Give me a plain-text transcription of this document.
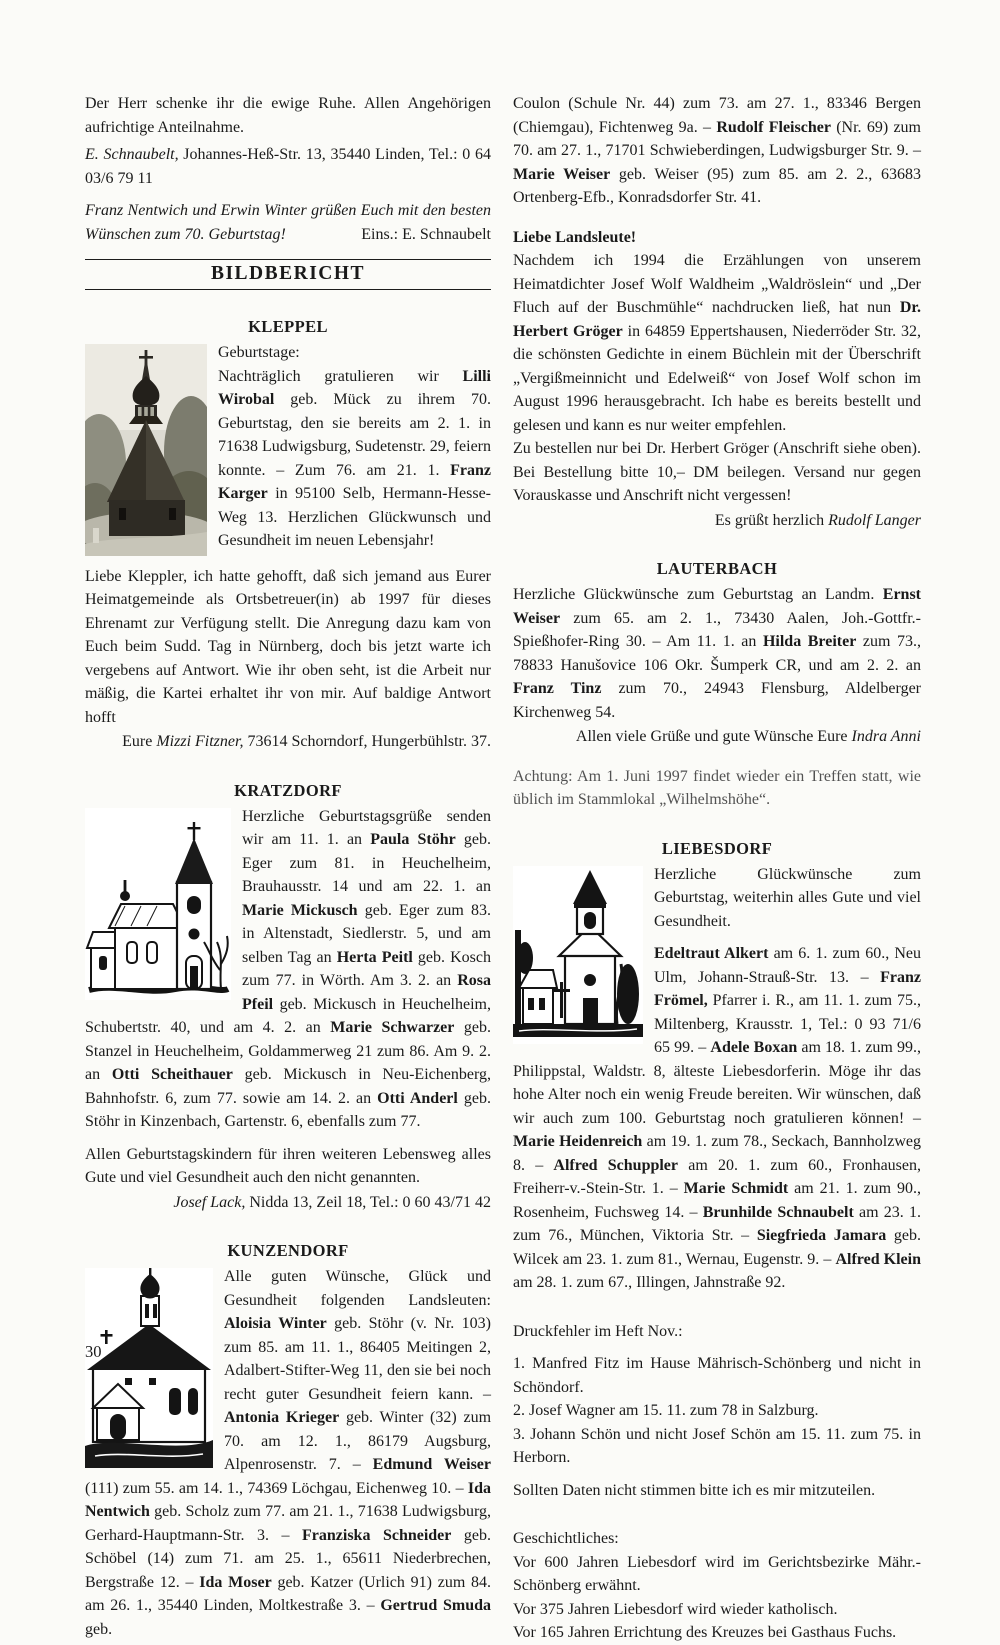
Der Herr schenke ihr die ewige Ruhe. Allen Angehörigen aufrichtige Anteilnahme.

E. Schnaubelt, Johannes-Heß-Str. 13, 35440 Linden, Tel.: 0 64 03/6 79 11

Franz Nentwich und Erwin Winter grüßen Euch mit den besten Wünschen zum 70. Geburtstag!	Eins.: E. Schnaubelt

BILDBERICHT
KLEPPEL

Geburtstage:

Nachträglich gratulieren wir Lilli Wirobal geb. Mück zu ihrem 70. Geburtstag, den sie bereits am 2. 1. in 71638 Ludwigsburg, Sudetenstr. 29, feiern konnte. – Zum 76. am 21. 1. Franz Karger in 95100 Selb, Hermann-Hesse-Weg 13. Herzlichen Glückwunsch und Gesundheit im neuen Lebensjahr!

Liebe Kleppler, ich hatte gehofft, daß sich jemand aus Eurer Heimatgemeinde als Ortsbetreuer(in) ab 1997 für dieses Ehrenamt zur Verfügung stellt. Die Anregung dazu kam von Euch beim Sudd. Tag in Nürnberg, doch bis jetzt warte ich vergebens auf Antwort. Wie ihr oben seht, ist die Arbeit nur mäßig, die Kartei erhaltet ihr von mir. Auf baldige Antwort hofft

Eure Mizzi Fitzner, 73614 Schorndorf, Hungerbühlstr. 37.

KRATZDORF

Herzliche Geburtstagsgrüße senden wir am 11. 1. an Paula Stöhr geb. Eger zum 81. in Heuchelheim, Brauhausstr. 14 und am 22. 1. an Marie Mickusch geb. Eger zum 83. in Altenstadt, Siedlerstr. 5, und am selben Tag an Herta Peitl geb. Kosch zum 77. in Wörth. Am 3. 2. an Rosa Pfeil geb. Mickusch in Heuchelheim, Schubertstr. 40, und am 4. 2. an Marie Schwarzer geb. Stanzel in Heuchelheim, Goldammerweg 21 zum 86. Am 9. 2. an Otti Scheithauer geb. Mickusch in Neu-Eichenberg, Bahnhofstr. 6, zum 77. sowie am 14. 2. an Otti Anderl geb. Stöhr in Kinzenbach, Gartenstr. 6, ebenfalls zum 77.

Allen Geburtstagskindern für ihren weiteren Lebensweg alles Gute und viel Gesundheit auch den nicht genannten.

Josef Lack, Nidda 13, Zeil 18, Tel.: 0 60 43/71 42

KUNZENDORF

Alle guten Wünsche, Glück und Gesundheit folgenden Landsleuten: Aloisia Winter geb. Stöhr (v. Nr. 103) zum 85. am 11. 1., 86405 Meitingen 2, Adalbert-Stifter-Weg 11, den sie bei noch recht guter Gesundheit feiern kann. – Antonia Krieger geb. Winter (32) zum 70. am 12. 1., 86179 Augsburg, Alpenrosenstr. 7. – Edmund Weiser (111) zum 55. am 14. 1., 74369 Löchgau, Eichenweg 10. – Ida Nentwich geb. Scholz zum 77. am 21. 1., 71638 Ludwigsburg, Gerhard-Hauptmann-Str. 3. – Franziska Schneider geb. Schöbel (14) zum 71. am 25. 1., 65611 Niederbrechen, Bergstraße 12. – Ida Moser geb. Katzer (Urlich 91) zum 84. am 26. 1., 35440 Linden, Moltkestraße 3. – Gertrud Smuda geb.

Coulon (Schule Nr. 44) zum 73. am 27. 1., 83346 Bergen (Chiemgau), Fichtenweg 9a. – Rudolf Fleischer (Nr. 69) zum 70. am 27. 1., 71701 Schwieberdingen, Ludwigsburger Str. 9. – Marie Weiser geb. Weiser (95) zum 85. am 2. 2., 63683 Ortenberg-Efb., Konradsdorfer Str. 41.

Liebe Landsleute!

Nachdem ich 1994 die Erzählungen von unserem Heimatdichter Josef Wolf Waldheim „Waldröslein“ und „Der Fluch auf der Buschmühle“ nachdrucken ließ, hat nun Dr. Herbert Gröger in 64859 Eppertshausen, Niederröder Str. 32, die schönsten Gedichte in einem Büchlein mit der Überschrift „Vergißmeinnicht und Edelweiß“ von Josef Wolf schon im August 1996 herausgebracht. Ich habe es bereits bestellt und gelesen und kann es nur weiter empfehlen.

Zu bestellen nur bei Dr. Herbert Gröger (Anschrift siehe oben). Bei Bestellung bitte 10,– DM beilegen. Versand nur gegen Vorauskasse und Anschrift nicht vergessen!

Es grüßt herzlich Rudolf Langer

LAUTERBACH

Herzliche Glückwünsche zum Geburtstag an Landm. Ernst Weiser zum 65. am 2. 1., 73430 Aalen, Joh.-Gottfr.-Spießhofer-Ring 30. – Am 11. 1. an Hilda Breiter zum 73., 78833 Hanušovice 106 Okr. Šumperk CR, und am 2. 2. an Franz Tinz zum 70., 24943 Flensburg, Aldelberger Kirchenweg 54.

Allen viele Grüße und gute Wünsche Eure Indra Anni

Achtung: Am 1. Juni 1997 findet wieder ein Treffen statt, wie üblich im Stammlokal „Wilhelmshöhe“.

LIEBESDORF

Herzliche Glückwünsche zum Geburtstag, weiterhin alles Gute und viel Gesundheit.

Edeltraut Alkert am 6. 1. zum 60., Neu Ulm, Johann-Strauß-Str. 13. – Franz Frömel, Pfarrer i. R., am 11. 1. zum 75., Miltenberg, Krausstr. 1, Tel.: 0 93 71/6 65 99. – Adele Boxan am 18. 1. zum 99., Philippstal, Waldstr. 8, älteste Liebesdorferin. Möge ihr das hohe Alter noch ein wenig Freude bereiten. Wir wünschen, daß wir auch zum 100. Geburtstag noch gratulieren können! – Marie Heidenreich am 19. 1. zum 78., Seckach, Bannholzweg 8. – Alfred Schuppler am 20. 1. zum 60., Fronhausen, Freiherr-v.-Stein-Str. 1. – Marie Schmidt am 21. 1. zum 90., Rosenheim, Fuchsweg 14. – Brunhilde Schnaubelt am 23. 1. zum 76., München, Viktoria Str. – Siegfrieda Jamara geb. Wilcek am 23. 1. zum 81., Wernau, Eugenstr. 9. – Alfred Klein am 28. 1. zum 67., Illingen, Jahnstraße 92.

Druckfehler im Heft Nov.:

1. Manfred Fitz im Hause Mährisch-Schönberg und nicht in Schöndorf.

2. Josef Wagner am 15. 11. zum 78 in Salzburg.

3. Johann Schön und nicht Josef Schön am 15. 11. zum 75. in Herborn.

Sollten Daten nicht stimmen bitte ich es mir mitzuteilen.

Geschichtliches:

Vor 600 Jahren Liebesdorf wird im Gerichtsbezirke Mähr.-Schönberg erwähnt.

Vor 375 Jahren Liebesdorf wird wieder katholisch.

Vor 165 Jahren Errichtung des Kreuzes bei Gasthaus Fuchs.

30
